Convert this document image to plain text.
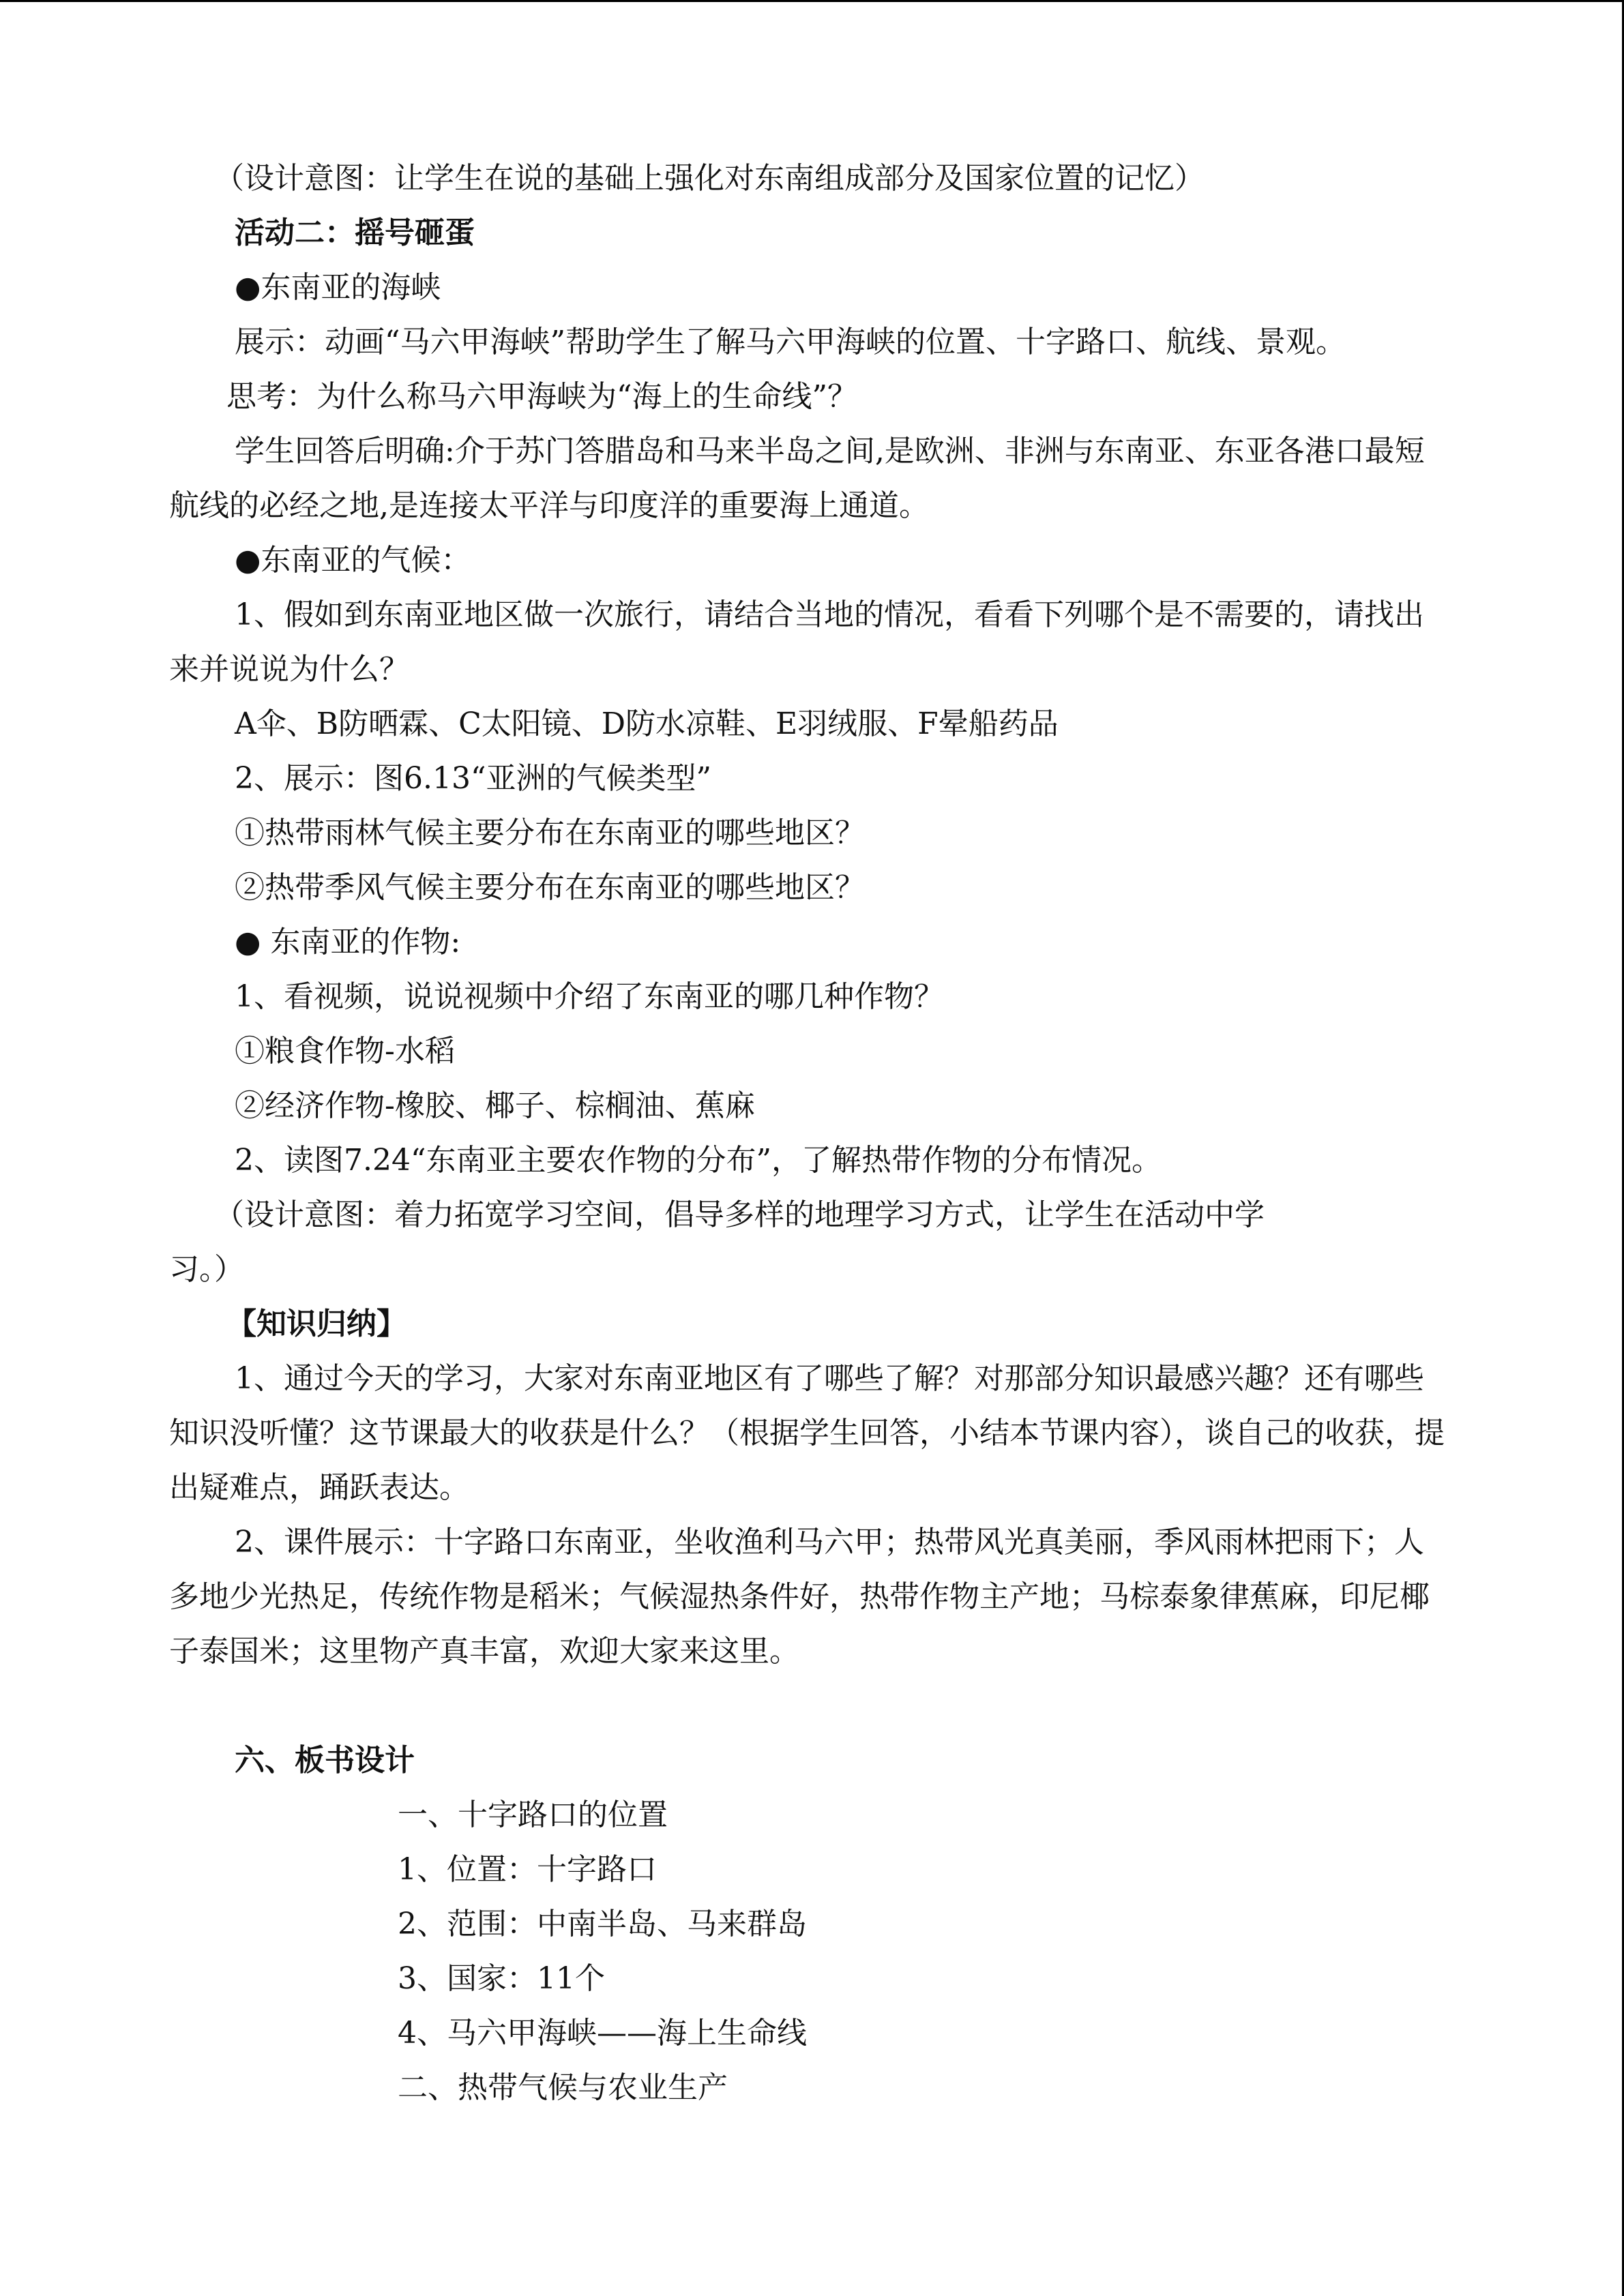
（设计意图：让学生在说的基础上强化对东南组成部分及国家位置的记忆）

活动二：摇号砸蛋

●东南亚的海峡

展示：动画“马六甲海峡”帮助学生了解马六甲海峡的位置、十字路口、航线、景观。

思考：为什么称马六甲海峡为“海上的生命线”？

学生回答后明确:介于苏门答腊岛和马来半岛之间,是欧洲、非洲与东南亚、东亚各港口最短航线的必经之地,是连接太平洋与印度洋的重要海上通道。

●东南亚的气候：

1、假如到东南亚地区做一次旅行，请结合当地的情况，看看下列哪个是不需要的，请找出来并说说为什么？

A伞、B防晒霖、C太阳镜、D防水凉鞋、E羽绒服、F晕船药品

2、展示：图6.13“亚洲的气候类型”

①热带雨林气候主要分布在东南亚的哪些地区？

②热带季风气候主要分布在东南亚的哪些地区？

● 东南亚的作物:

1、看视频，说说视频中介绍了东南亚的哪几种作物？

①粮食作物-水稻

②经济作物-橡胶、椰子、棕榈油、蕉麻

2、读图7.24“东南亚主要农作物的分布”，了解热带作物的分布情况。

（设计意图：着力拓宽学习空间，倡导多样的地理学习方式，让学生在活动中学

习。）

【知识归纳】

1、通过今天的学习，大家对东南亚地区有了哪些了解？对那部分知识最感兴趣？还有哪些知识没听懂？这节课最大的收获是什么？（根据学生回答，小结本节课内容），谈自己的收获，提出疑难点，踊跃表达。

2、课件展示：十字路口东南亚，坐收渔利马六甲；热带风光真美丽，季风雨林把雨下；人多地少光热足，传统作物是稻米；气候湿热条件好，热带作物主产地；马棕泰象律蕉麻，印尼椰子泰国米；这里物产真丰富，欢迎大家来这里。

六、板书设计

一、十字路口的位置

1、位置：十字路口

2、范围：中南半岛、马来群岛

3、国家：11个

4、马六甲海峡——海上生命线

二、热带气候与农业生产
